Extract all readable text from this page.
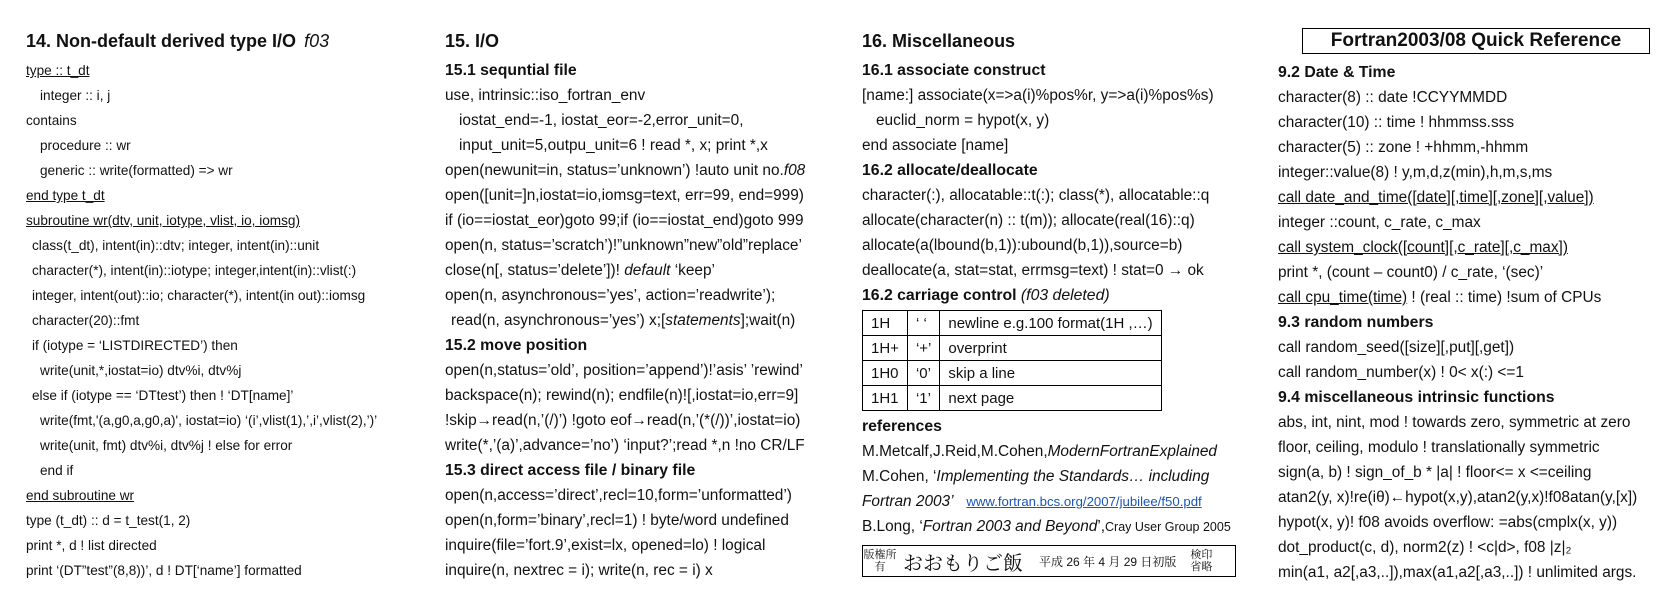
14. Non-default derived type I/O f03
type :: t_dt
integer :: i, j
contains
procedure :: wr
generic :: write(formatted) => wr
end type t_dt
subroutine wr(dtv, unit, iotype, vlist, io, iomsg)
class(t_dt), intent(in)::dtv; integer, intent(in)::unit
character(*), intent(in)::iotype; integer,intent(in)::vlist(:)
integer, intent(out)::io; character(*), intent(in out)::iomsg
character(20)::fmt
if (iotype = ‘LISTDIRECTED’) then
write(unit,*,iostat=io) dtv%i, dtv%j
else if (iotype == ‘DTtest’) then ! ‘DT[name]’
write(fmt,'(a,g0,a,g0,a)', iostat=io) ‘(i’,vlist(1),’,i’,vlist(2),’)’
write(unit, fmt) dtv%i, dtv%j ! else for error
end if
end subroutine wr
type (t_dt) :: d = t_test(1, 2)
print *, d ! list directed
print ‘(DT”test”(8,8))’, d ! DT[‘name’] formatted
15. I/O
15.1 sequntial file
use, intrinsic::iso_fortran_env
iostat_end=-1, iostat_eor=-2,error_unit=0,
input_unit=5,outpu_unit=6 ! read *, x; print *,x
open(newunit=in, status=’unknown’) !auto unit no.f08
open([unit=]n,iostat=io,iomsg=text, err=99, end=999)
if (io==iostat_eor)goto 99;if (io==iostat_end)goto 999
open(n, status=’scratch’)!”unknown”new”old”replace’
close(n[, status=’delete’])! default ‘keep’
open(n, asynchronous=’yes’, action=’readwrite’);
read(n, asynchronous=’yes’) x;[statements];wait(n)
15.2 move position
open(n,status=’old’, position=’append’)!’asis’ ’rewind’
backspace(n); rewind(n); endfile(n)![,iostat=io,err=9]
!skip→read(n,’(/)’) !goto eof→read(n,’(*(/))’,iostat=io)
write(*,’(a)’,advance=’no’) ‘input?’;read *,n !no CR/LF
15.3 direct access file / binary file
open(n,access=’direct’,recl=10,form=’unformatted’)
open(n,form=’binary’,recl=1) ! byte/word undefined
inquire(file=’fort.9’,exist=lx, opened=lo) ! logical
inquire(n, nextrec = i); write(n, rec = i) x
16. Miscellaneous
16.1 associate construct
[name:] associate(x=>a(i)%pos%r, y=>a(i)%pos%s)
euclid_norm = hypot(x, y)
end associate [name]
16.2 allocate/deallocate
character(:), allocatable::t(:); class(*), allocatable::q
allocate(character(n) :: t(m)); allocate(real(16)::q)
allocate(a(lbound(b,1)):ubound(b,1)),source=b)
deallocate(a, stat=stat, errmsg=text) ! stat=0 → ok
16.2 carriage control (f03 deleted)
1H	‘ ‘	newline e.g.100 format(1H ,…)
1H+	‘+’	overprint
1H0	‘0’	skip a line
1H1	‘1’	next page
references
M.Metcalf,J.Reid,M.Cohen,ModernFortranExplained
M.Cohen, ‘Implementing the Standards… including
Fortran 2003’ www.fortran.bcs.org/2007/jubilee/f50.pdf
B.Long, ‘Fortran 2003 and Beyond’,Cray User Group 2005
版権所有 おおもりご飯 平成 26 年 4 月 29 日初版	検印省略
Fortran2003/08 Quick Reference
9.2 Date & Time
character(8) :: date !CCYYMMDD
character(10) :: time ! hhmmss.sss
character(5) :: zone ! +hhmm,-hhmm
integer::value(8) ! y,m,d,z(min),h,m,s,ms
call date_and_time([date][,time][,zone][,value])
integer ::count, c_rate, c_max
call system_clock([count][,c_rate][,c_max])
print *, (count – count0) / c_rate, ‘(sec)’
call cpu_time(time) ! (real :: time) !sum of CPUs
9.3 random numbers
call random_seed([size][,put][,get])
call random_number(x) ! 0< x(:) <=1
9.4 miscellaneous intrinsic functions
abs, int, nint, mod ! towards zero, symmetric at zero
floor, ceiling, modulo ! translationally symmetric
sign(a, b) ! sign_of_b * |a| ! floor<= x <=ceiling
atan2(y, x)!re(iθ)←hypot(x,y),atan2(y,x)!f08atan(y,[x])
hypot(x, y)! f08 avoids overflow: =abs(cmplx(x, y))
dot_product(c, d), norm2(z) ! <c|d>, f08 |z|₂
min(a1, a2[,a3,..]),max(a1,a2[,a3,..]) ! unlimited args.
